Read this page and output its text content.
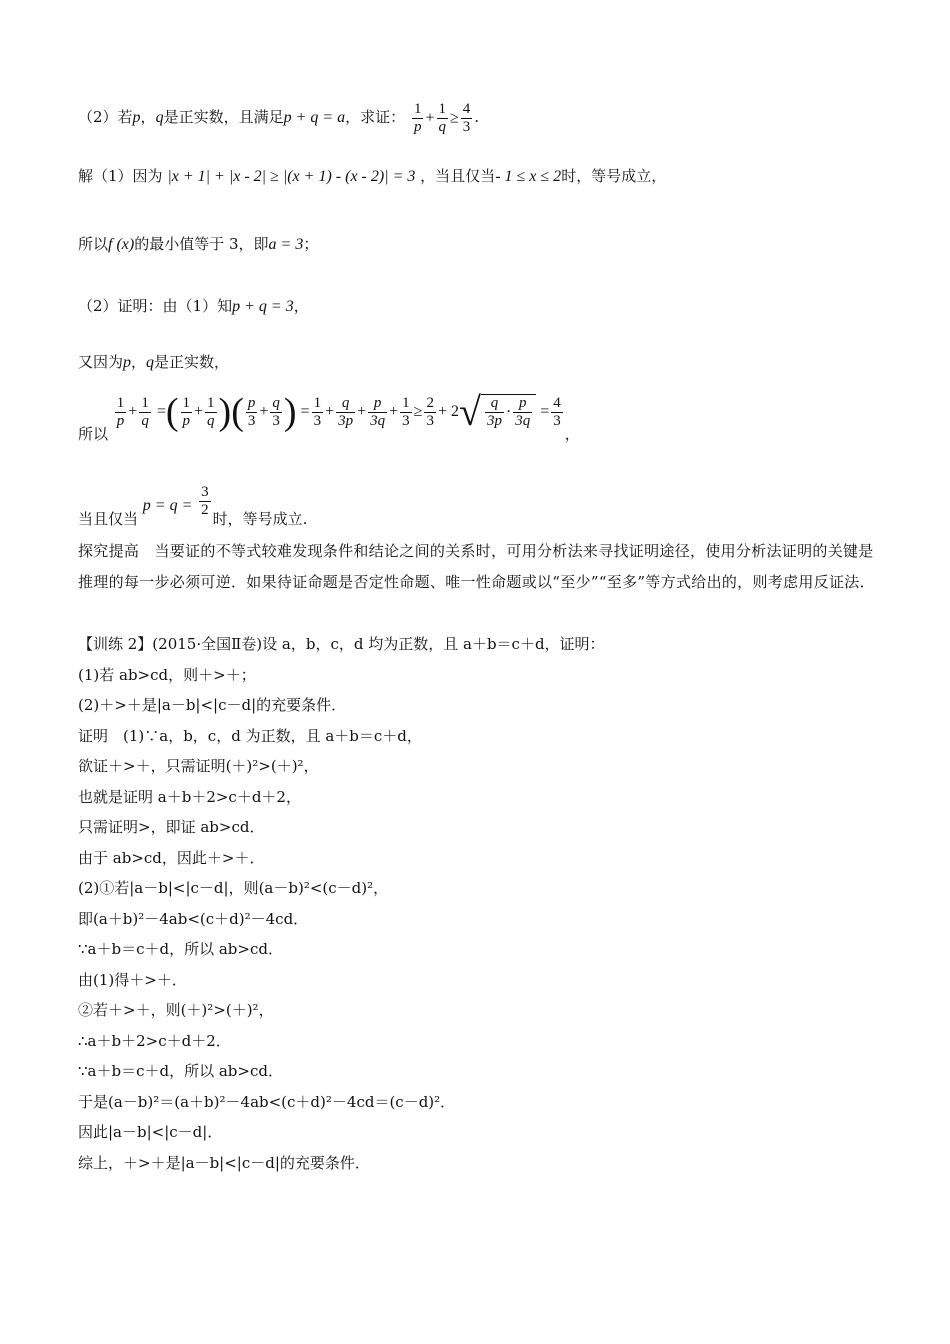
（2）若p，q是正实数，且满足p + q = a，求证： $\frac{1}{p} + \frac{1}{q} \ge \frac{4}{3}$ .
解（1）因为 |x + 1| + |x - 2| ≥ |(x + 1) - (x - 2)| = 3 ，当且仅当- 1 ≤ x ≤ 2时，等号成立，
所以f (x)的最小值等于 3，即a = 3；
（2）证明：由（1）知p + q = 3，
又因为p，q是正实数，
所以
$\frac{1}{p} + \frac{1}{q}$ =( $\frac{1}{p} + \frac{1}{q}$ )( $\frac{p}{3} + \frac{q}{3}$ ) = $\frac{1}{3} + \frac{q}{3p} + \frac{p}{3q} + \frac{1}{3} \ge \frac{2}{3} + 2√ \frac{q}{3p} \cdot \frac{p}{3q} = \frac{4}{3}$
，
当且仅当 $p = q = \frac{3}{2}$ 时，等号成立.
探究提高　当要证的不等式较难发现条件和结论之间的关系时，可用分析法来寻找证明途径，使用分析法证明的关键是推理的每一步必须可逆．如果待证命题是否定性命题、唯一性命题或以“至少”“至多”等方式给出的，则考虑用反证法．
【训练 2】(2015·全国Ⅱ卷)设 a，b，c，d 均为正数，且 a＋b＝c＋d，证明：
(1)若 ab>cd，则＋>＋；
(2)＋>＋是|a－b|<|c－d|的充要条件．
证明　(1)∵a，b，c，d 为正数，且 a＋b＝c＋d，
欲证＋>＋，只需证明(＋)²>(＋)²，
也就是证明 a＋b＋2>c＋d＋2，
只需证明>，即证 ab>cd．
由于 ab>cd，因此＋>＋．
(2)①若|a－b|<|c－d|，则(a－b)²<(c－d)²，
即(a＋b)²－4ab<(c＋d)²－4cd．
∵a＋b＝c＋d，所以 ab>cd．
由(1)得＋>＋．
②若＋>＋，则(＋)²>(＋)²，
∴a＋b＋2>c＋d＋2．
∵a＋b＝c＋d，所以 ab>cd．
于是(a－b)²＝(a＋b)²－4ab<(c＋d)²－4cd＝(c－d)²．
因此|a－b|<|c－d|．
综上，＋>＋是|a－b|<|c－d|的充要条件．
